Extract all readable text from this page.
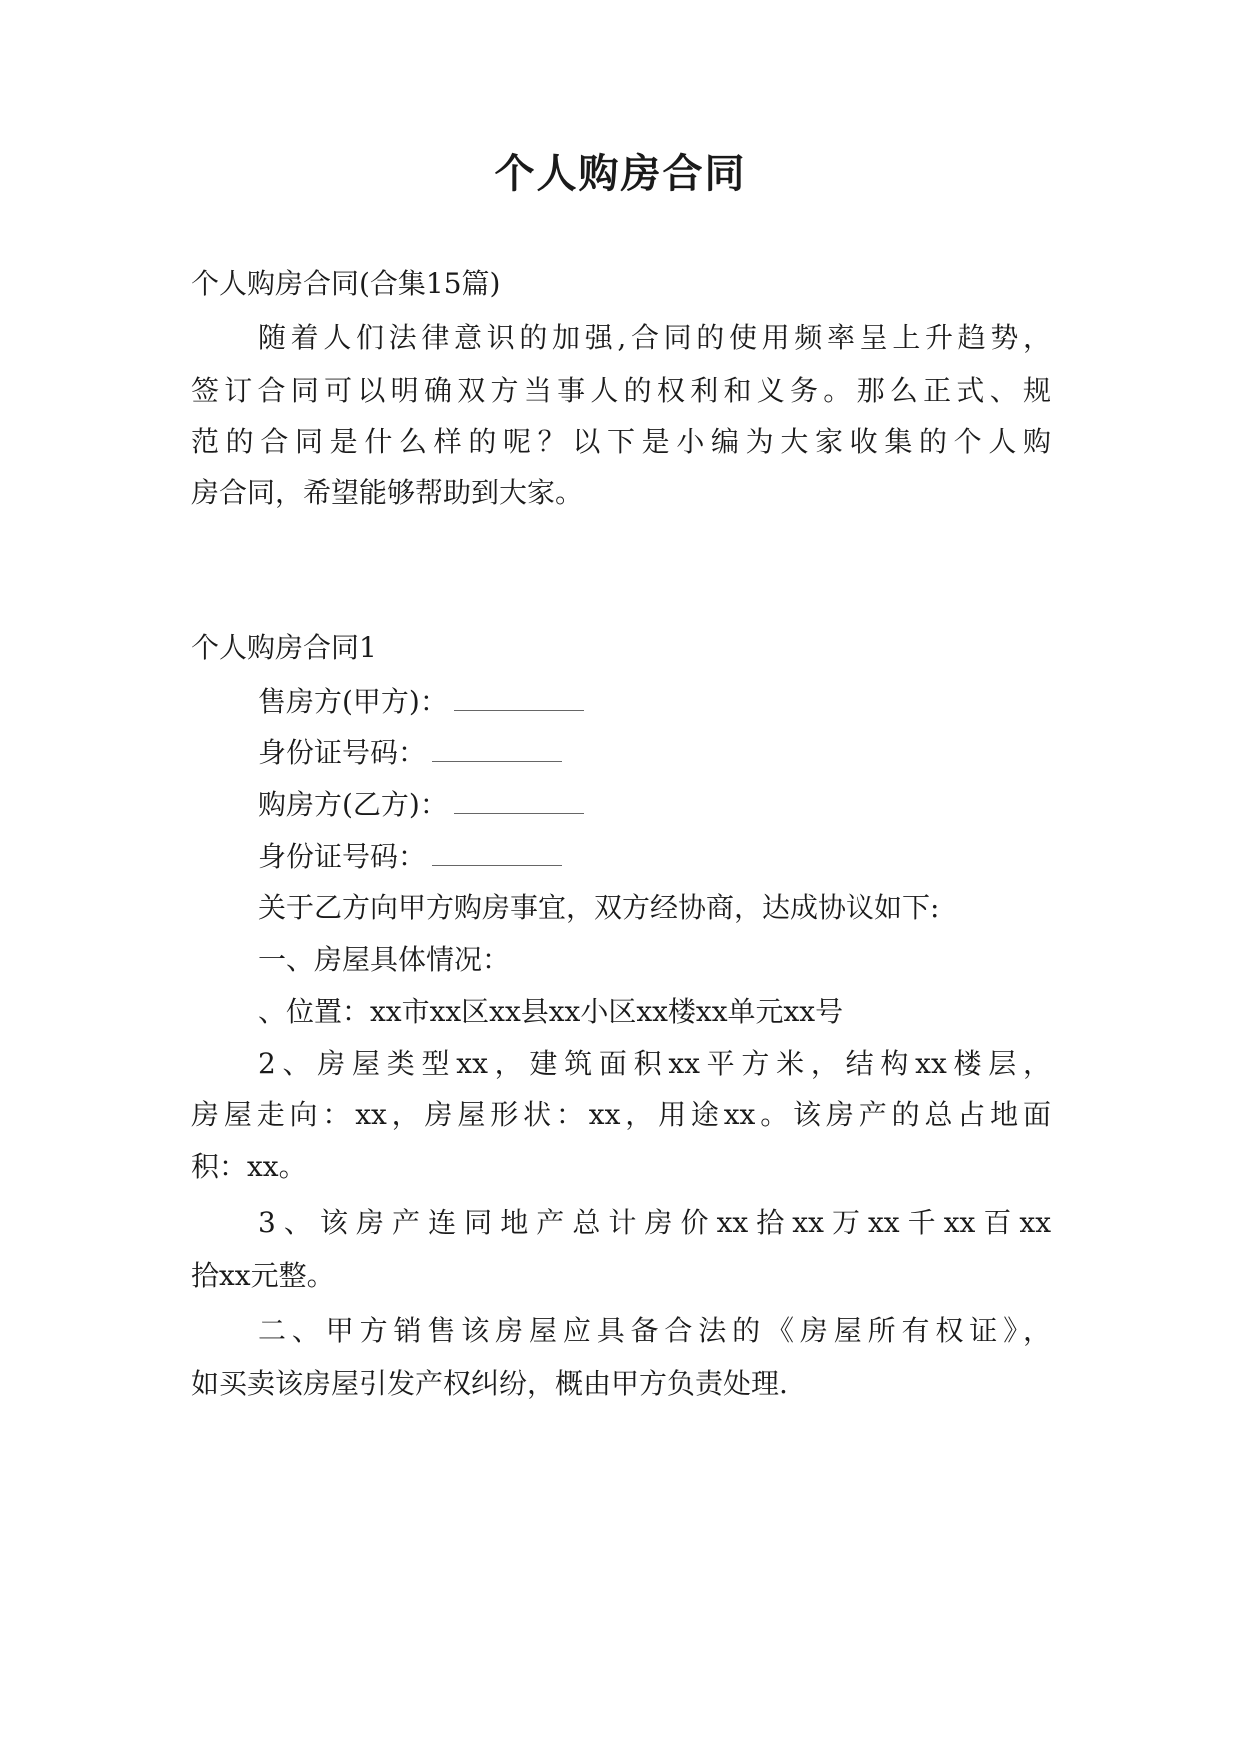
个人购房合同

个人购房合同(合集15篇)

随着人们法律意识的加强,合同的使用频率呈上升趋势，

签订合同可以明确双方当事人的权利和义务。那么正式、规

范的合同是什么样的呢？以下是小编为大家收集的个人购

房合同，希望能够帮助到大家。

个人购房合同1

售房方(甲方)：

身份证号码：

购房方(乙方)：

身份证号码：

关于乙方向甲方购房事宜，双方经协商，达成协议如下:

一、房屋具体情况：

、位置：xx市xx区xx县xx小区xx楼xx单元xx号

2、房屋类型xx，建筑面积xx平方米，结构xx楼层，

房屋走向：xx，房屋形状：xx，用途xx。该房产的总占地面

积：xx。

3、该房产连同地产总计房价xx拾xx万xx千xx百xx

拾xx元整。

二、甲方销售该房屋应具备合法的《房屋所有权证》，

如买卖该房屋引发产权纠纷，概由甲方负责处理.
